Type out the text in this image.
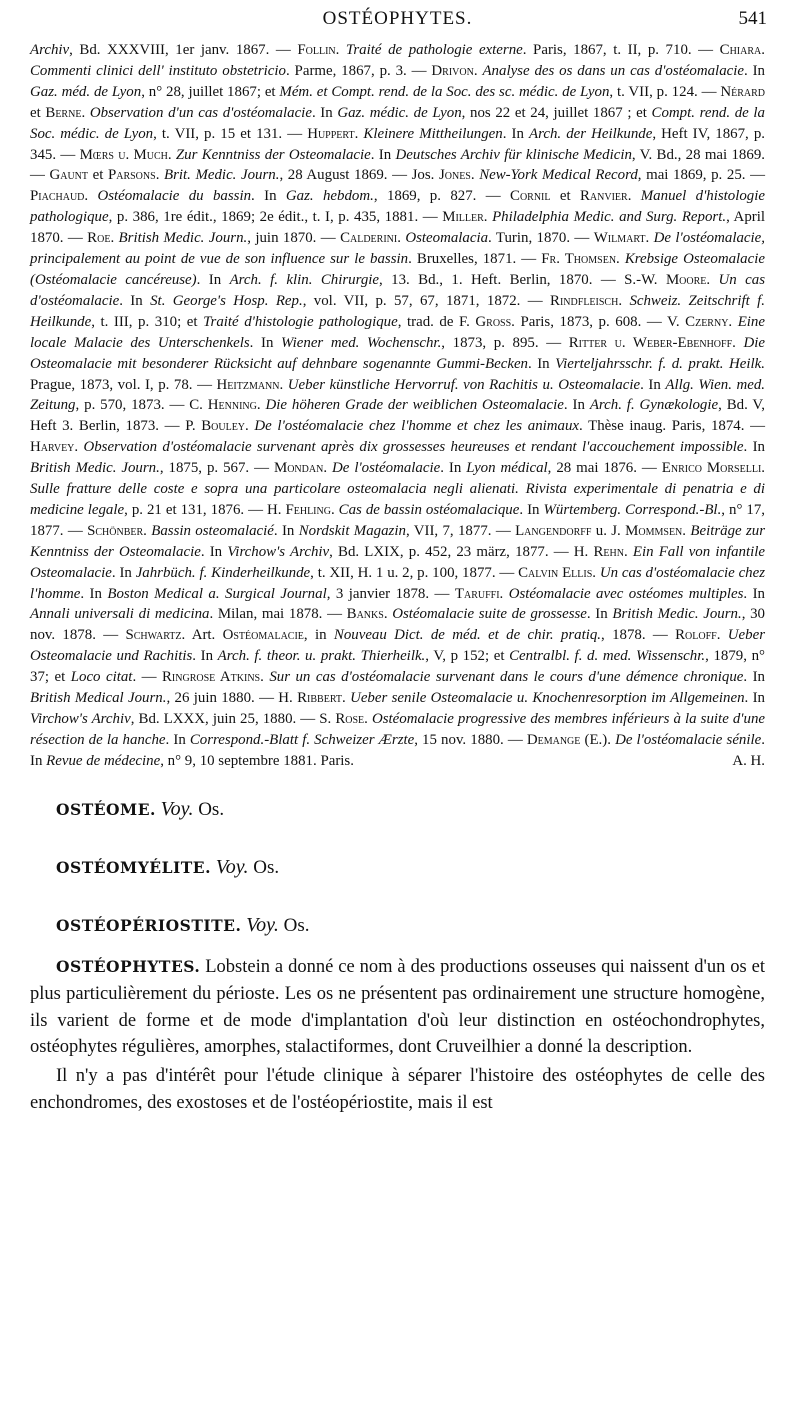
OSTÉOPHYTES.	541

Archiv, Bd. XXXVIII, 1er janv. 1867. — Follin. Traité de pathologie externe. Paris, 1867, t. II, p. 710. — Chiara. Commenti clinici dell' instituto obstetricio. Parme, 1867, p. 3. — Drivon. Analyse des os dans un cas d'ostéomalacie. In Gaz. méd. de Lyon, n° 28, juillet 1867; et Mém. et Compt. rend. de la Soc. des sc. médic. de Lyon, t. VII, p. 124. — Nérard et Berne. Observation d'un cas d'ostéomalacie. In Gaz. médic. de Lyon, nos 22 et 24, juillet 1867 ; et Compt. rend. de la Soc. médic. de Lyon, t. VII, p. 15 et 131. — Huppert. Kleinere Mittheilungen. In Arch. der Heilkunde, Heft IV, 1867, p. 345. — Mœrs u. Much. Zur Kenntniss der Osteomalacie. In Deutsches Archiv für klinische Medicin, V. Bd., 28 mai 1869. — Gaunt et Parsons. Brit. Medic. Journ., 28 August 1869. — Jos. Jones. New-York Medical Record, mai 1869, p. 25. — Piachaud. Ostéomalacie du bassin. In Gaz. hebdom., 1869, p. 827. — Cornil et Ranvier. Manuel d'histologie pathologique, p. 386, 1re édit., 1869; 2e édit., t. I, p. 435, 1881. — Miller. Philadelphia Medic. and Surg. Report., April 1870. — Roe. British Medic. Journ., juin 1870. — Calderini. Osteomalacia. Turin, 1870. — Wilmart. De l'ostéomalacie, principalement au point de vue de son influence sur le bassin. Bruxelles, 1871. — Fr. Thomsen. Krebsige Osteomalacie (Ostéomalacie cancéreuse). In Arch. f. klin. Chirurgie, 13. Bd., 1. Heft. Berlin, 1870. — S.-W. Moore. Un cas d'ostéomalacie. In St. George's Hosp. Rep., vol. VII, p. 57, 67, 1871, 1872. — Rindfleisch. Schweiz. Zeitschrift f. Heilkunde, t. III, p. 310; et Traité d'histologie pathologique, trad. de F. Gross. Paris, 1873, p. 608. — V. Czerny. Eine locale Malacie des Unterschenkels. In Wiener med. Wochenschr., 1873, p. 895. — Ritter u. Weber-Ebenhoff. Die Osteomalacie mit besonderer Rücksicht auf dehnbare sogenannte Gummi-Becken. In Vierteljahrsschr. f. d. prakt. Heilk. Prague, 1873, vol. I, p. 78. — Heitzmann. Ueber künstliche Hervorruf. von Rachitis u. Osteomalacie. In Allg. Wien. med. Zeitung, p. 570, 1873. — C. Henning. Die höheren Grade der weiblichen Osteomalacie. In Arch. f. Gynækologie, Bd. V, Heft 3. Berlin, 1873. — P. Bouley. De l'ostéomalacie chez l'homme et chez les animaux. Thèse inaug. Paris, 1874. — Harvey. Observation d'ostéomalacie survenant après dix grossesses heureuses et rendant l'accouchement impossible. In British Medic. Journ., 1875, p. 567. — Mondan. De l'ostéomalacie. In Lyon médical, 28 mai 1876. — Enrico Morselli. Sulle fratture delle coste e sopra una particolare osteomalacia negli alienati. Rivista experimentale di penatria e di medicine legale, p. 21 et 131, 1876. — H. Fehling. Cas de bassin ostéomalacique. In Würtemberg. Correspond.-Bl., n° 17, 1877. — Schönber. Bassin osteomalacié. In Nordskit Magazin, VII, 7, 1877. — Langendorff u. J. Mommsen. Beiträge zur Kenntniss der Osteomalacie. In Virchow's Archiv, Bd. LXIX, p. 452, 23 märz, 1877. — H. Rehn. Ein Fall von infantile Osteomalacie. In Jahrbüch. f. Kinderheilkunde, t. XII, H. 1 u. 2, p. 100, 1877. — Calvin Ellis. Un cas d'ostéomalacie chez l'homme. In Boston Medical a. Surgical Journal, 3 janvier 1878. — Taruffi. Ostéomalacie avec ostéomes multiples. In Annali universali di medicina. Milan, mai 1878. — Banks. Ostéomalacie suite de grossesse. In British Medic. Journ., 30 nov. 1878. — Schwartz. Art. Ostéomalacie, in Nouveau Dict. de méd. et de chir. pratiq., 1878. — Roloff. Ueber Osteomalacie und Rachitis. In Arch. f. theor. u. prakt. Thierheilk., V, p 152; et Centralbl. f. d. med. Wissenschr., 1879, n° 37; et Loco citat. — Ringrose Atkins. Sur un cas d'ostéomalacie survenant dans le cours d'une démence chronique. In British Medical Journ., 26 juin 1880. — H. Ribbert. Ueber senile Osteomalacie u. Knochenresorption im Allgemeinen. In Virchow's Archiv, Bd. LXXX, juin 25, 1880. — S. Rose. Ostéomalacie progressive des membres inférieurs à la suite d'une résection de la hanche. In Correspond.-Blatt f. Schweizer Ærzte, 15 nov. 1880. — Demange (E.). De l'ostéomalacie sénile. In Revue de médecine, n° 9, 10 septembre 1881. Paris.	A. H.

OSTÉOME. Voy. Os.
OSTÉOMYÉLITE. Voy. Os.
OSTÉOPÉRIOSTITE. Voy. Os.

OSTÉOPHYTES. Lobstein a donné ce nom à des productions osseuses qui naissent d'un os et plus particulièrement du périoste. Les os ne présentent pas ordinairement une structure homogène, ils varient de forme et de mode d'implantation d'où leur distinction en ostéochondrophytes, ostéophytes régulières, amorphes, stalactiformes, dont Cruveilhier a donné la description.

Il n'y a pas d'intérêt pour l'étude clinique à séparer l'histoire des ostéophytes de celle des enchondromes, des exostoses et de l'ostéopériostite, mais il est
